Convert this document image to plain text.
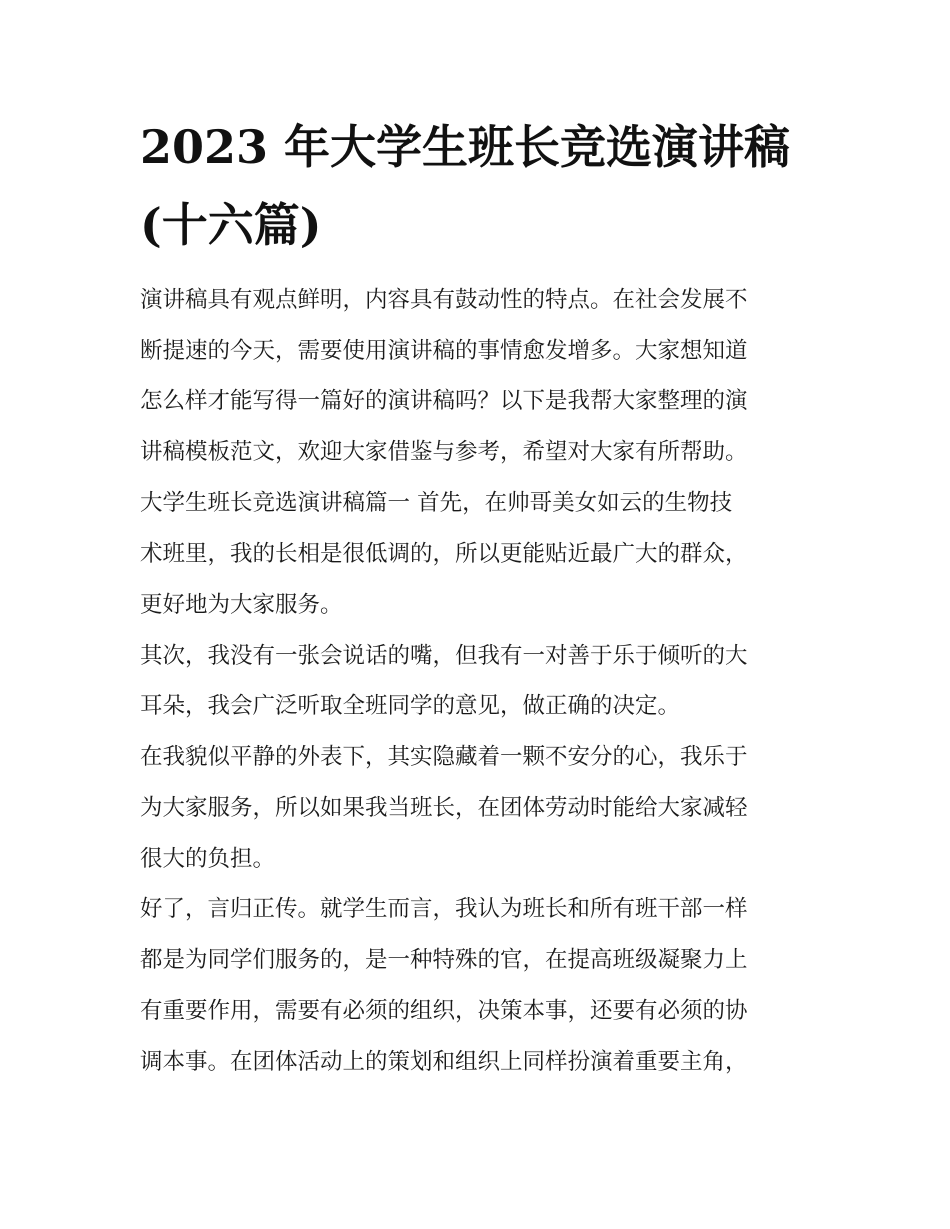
2023 年大学生班长竞选演讲稿
(十六篇)
演讲稿具有观点鲜明，内容具有鼓动性的特点。在社会发展不
断提速的今天，需要使用演讲稿的事情愈发增多。大家想知道
怎么样才能写得一篇好的演讲稿吗？以下是我帮大家整理的演
讲稿模板范文，欢迎大家借鉴与参考，希望对大家有所帮助。
大学生班长竞选演讲稿篇一 首先，在帅哥美女如云的生物技
术班里，我的长相是很低调的，所以更能贴近最广大的群众，
更好地为大家服务。
其次，我没有一张会说话的嘴，但我有一对善于乐于倾听的大
耳朵，我会广泛听取全班同学的意见，做正确的决定。
在我貌似平静的外表下，其实隐藏着一颗不安分的心，我乐于
为大家服务，所以如果我当班长，在团体劳动时能给大家减轻
很大的负担。
好了，言归正传。就学生而言，我认为班长和所有班干部一样
都是为同学们服务的，是一种特殊的官，在提高班级凝聚力上
有重要作用，需要有必须的组织，决策本事，还要有必须的协
调本事。在团体活动上的策划和组织上同样扮演着重要主角，
